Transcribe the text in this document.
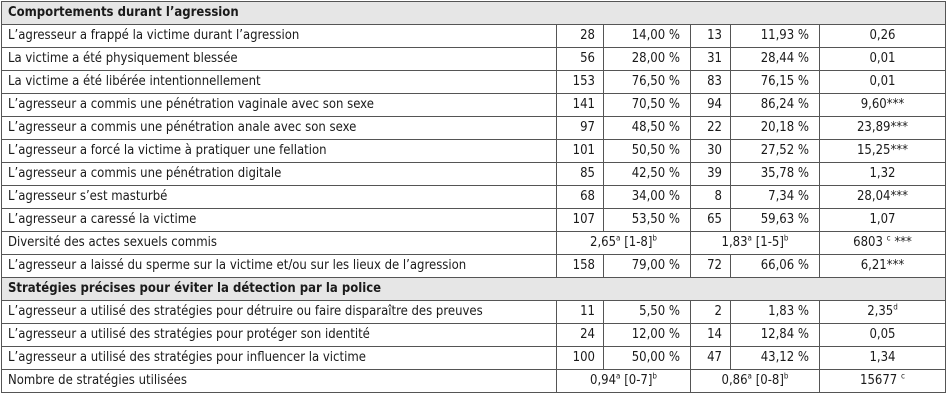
Comportements durant l’agression					
L’agresseur a frappé la victime durant l’agression	28	14,00 %	13	11,93 %	0,26
La victime a été physiquement blessée	56	28,00 %	31	28,44 %	0,01
La victime a été libérée intentionnellement	153	76,50 %	83	76,15 %	0,01
L’agresseur a commis une pénétration vaginale avec son sexe	141	70,50 %	94	86,24 %	9,60***
L’agresseur a commis une pénétration anale avec son sexe	97	48,50 %	22	20,18 %	23,89***
L’agresseur a forcé la victime à pratiquer une fellation	101	50,50 %	30	27,52 %	15,25***
L’agresseur a commis une pénétration digitale	85	42,50 %	39	35,78 %	1,32
L’agresseur s’est masturbé	68	34,00 %	8	7,34 %	28,04***
L’agresseur a caressé la victime	107	53,50 %	65	59,63 %	1,07
Diversité des actes sexuels commis	2,65$^a$ $[1-8]^b$		1,83$^a$ $[1-5]^b$		6803 $^c$ ***
L’agresseur a laissé du sperme sur la victime et/ou sur les lieux de l’agression	158	79,00 %	72	66,06 %	6,21***
Stratégies précises pour éviter la détection par la police					
L’agresseur a utilisé des stratégies pour détruire ou faire disparaître des preuves	11	5,50 %	2	1,83 %	2,35$^d$
L’agresseur a utilisé des stratégies pour protéger son identité	24	12,00 %	14	12,84 %	0,05
L’agresseur a utilisé des stratégies pour influencer la victime	100	50,00 %	47	43,12 %	1,34
Nombre de stratégies utilisées	0,94$^a$ $[0-7]^b$		0,86$^a$ $[0-8]^b$		15677 $^c$
